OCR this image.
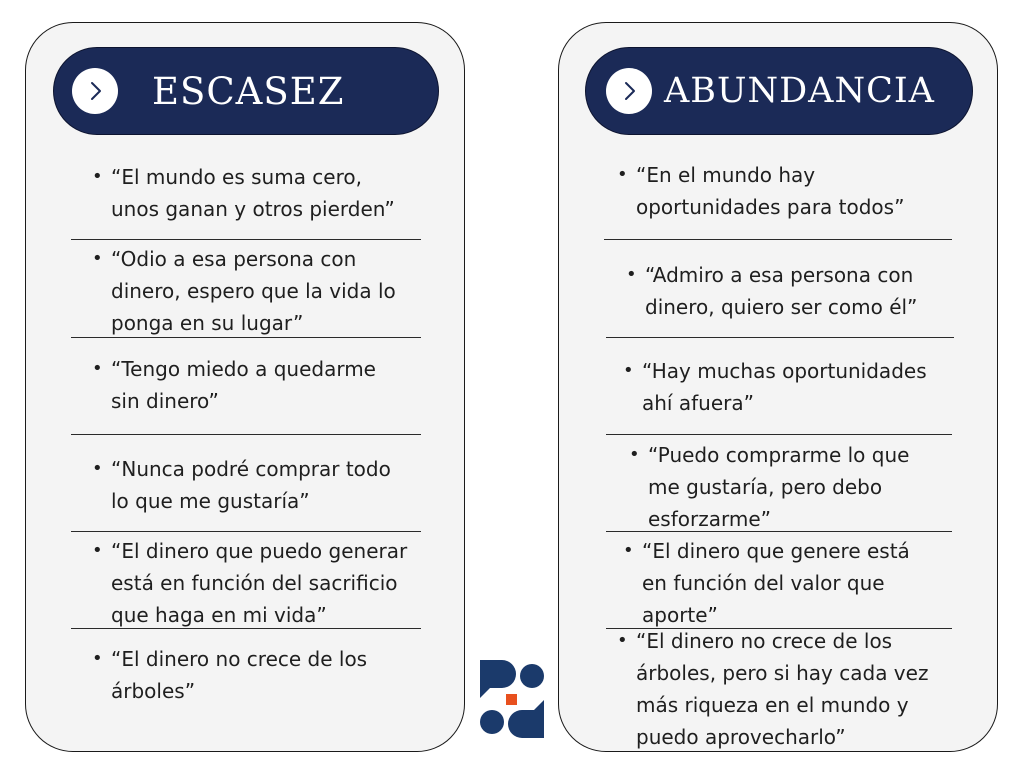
ESCASEZ
• “El mundo es suma cero,
unos ganan y otros pierden”
• “Odio a esa persona con
dinero, espero que la vida lo
ponga en su lugar”
• “Tengo miedo a quedarme
sin dinero”
• “Nunca podré comprar todo
lo que me gustaría”
• “El dinero que puedo generar
está en función del sacrificio
que haga en mi vida”
• “El dinero no crece de los
árboles”
ABUNDANCIA
• “En el mundo hay
oportunidades para todos”
• “Admiro a esa persona con
dinero, quiero ser como él”
• “Hay muchas oportunidades
ahí afuera”
• “Puedo comprarme lo que
me gustaría, pero debo
esforzarme”
• “El dinero que genere está
en función del valor que
aporte”
• “El dinero no crece de los
árboles, pero si hay cada vez
más riqueza en el mundo y
puedo aprovecharlo”
